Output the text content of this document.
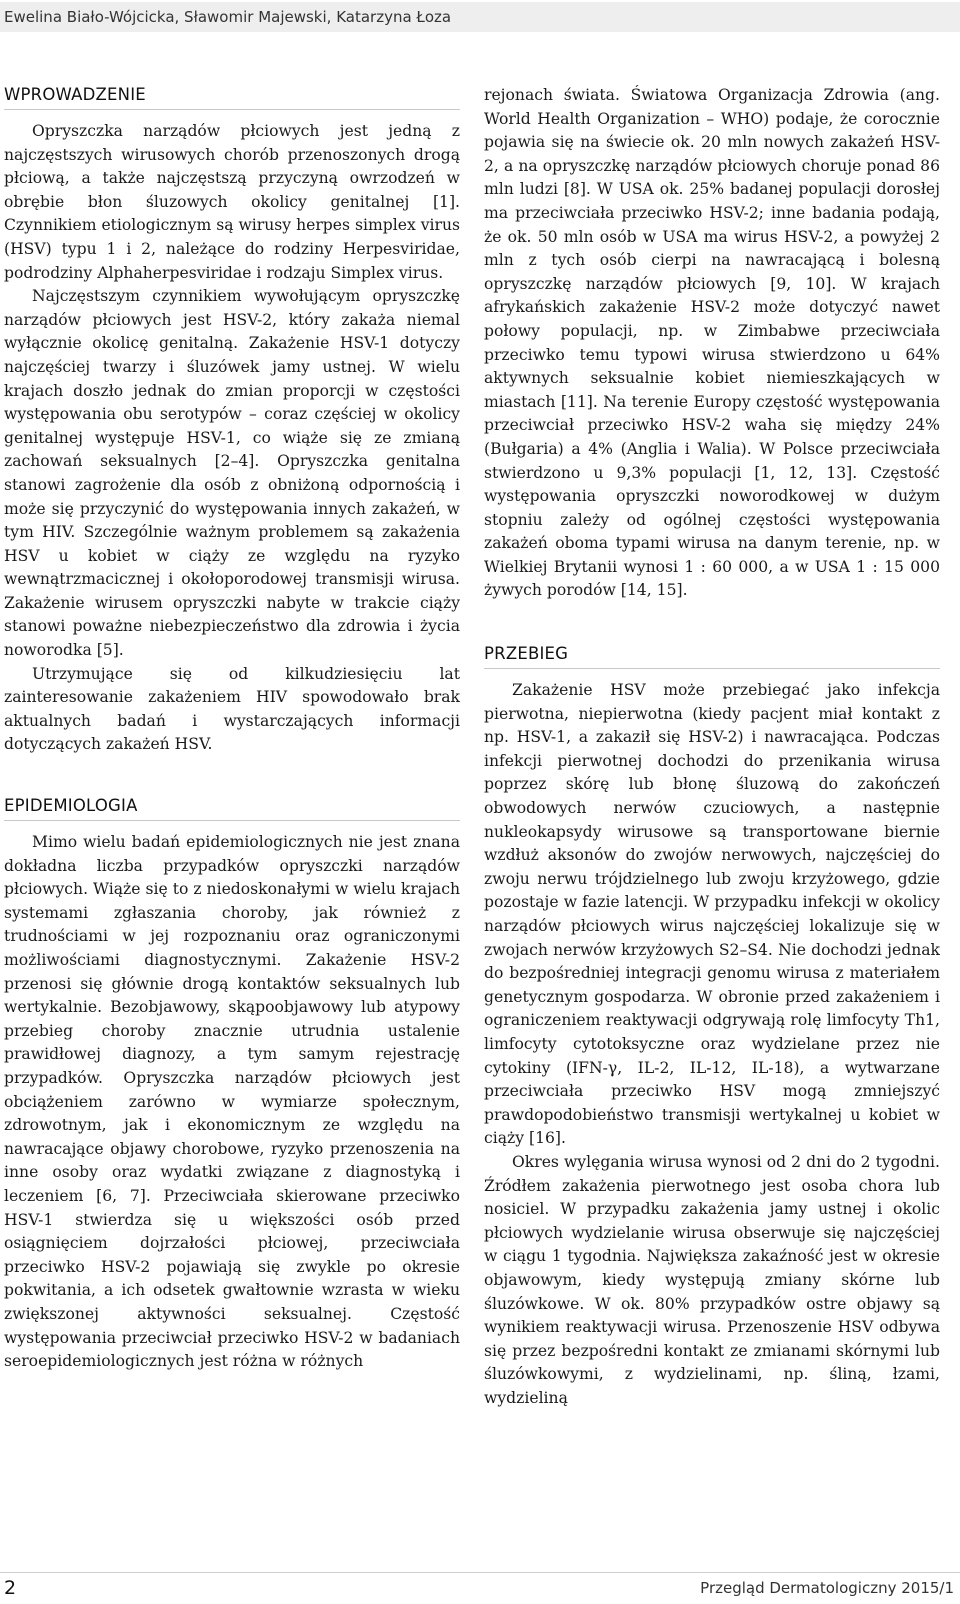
Ewelina Biało-Wójcicka, Sławomir Majewski, Katarzyna Łoza
WPROWADZENIE

Opryszczka narządów płciowych jest jedną z najczęstszych wirusowych chorób przenoszonych drogą płciową, a także najczęstszą przyczyną owrzodzeń w obrębie błon śluzowych okolicy genitalnej [1]. Czynnikiem etiologicznym są wirusy herpes simplex virus (HSV) typu 1 i 2, należące do rodziny Herpesviridae, podrodziny Alphaherpesviridae i rodzaju Simplex virus.

Najczęstszym czynnikiem wywołującym opryszczkę narządów płciowych jest HSV-2, który zakaża niemal wyłącznie okolicę genitalną. Zakażenie HSV-1 dotyczy najczęściej twarzy i śluzówek jamy ustnej. W wielu krajach doszło jednak do zmian proporcji w częstości występowania obu serotypów – coraz częściej w okolicy genitalnej występuje HSV-1, co wiąże się ze zmianą zachowań seksualnych [2–4]. Opryszczka genitalna stanowi zagrożenie dla osób z obniżoną odpornością i może się przyczynić do występowania innych zakażeń, w tym HIV. Szczególnie ważnym problemem są zakażenia HSV u kobiet w ciąży ze względu na ryzyko wewnątrzmacicznej i okołoporodowej transmisji wirusa. Zakażenie wirusem opryszczki nabyte w trakcie ciąży stanowi poważne niebezpieczeństwo dla zdrowia i życia noworodka [5].

Utrzymujące się od kilkudziesięciu lat zainteresowanie zakażeniem HIV spowodowało brak aktualnych badań i wystarczających informacji dotyczących zakażeń HSV.

EPIDEMIOLOGIA

Mimo wielu badań epidemiologicznych nie jest znana dokładna liczba przypadków opryszczki narządów płciowych. Wiąże się to z niedoskonałymi w wielu krajach systemami zgłaszania choroby, jak również z trudnościami w jej rozpoznaniu oraz ograniczonymi możliwościami diagnostycznymi. Zakażenie HSV-2 przenosi się głównie drogą kontaktów seksualnych lub wertykalnie. Bezobjawowy, skąpoobjawowy lub atypowy przebieg choroby znacznie utrudnia ustalenie prawidłowej diagnozy, a tym samym rejestrację przypadków. Opryszczka narządów płciowych jest obciążeniem zarówno w wymiarze społecznym, zdrowotnym, jak i ekonomicznym ze względu na nawracające objawy chorobowe, ryzyko przenoszenia na inne osoby oraz wydatki związane z diagnostyką i leczeniem [6, 7]. Przeciwciała skierowane przeciwko HSV-1 stwierdza się u większości osób przed osiągnięciem dojrzałości płciowej, przeciwciała przeciwko HSV-2 pojawiają się zwykle po okresie pokwitania, a ich odsetek gwałtownie wzrasta w wieku zwiększonej aktywności seksualnej. Częstość występowania przeciwciał przeciwko HSV-2 w badaniach seroepidemiologicznych jest różna w różnych

rejonach świata. Światowa Organizacja Zdrowia (ang. World Health Organization – WHO) podaje, że corocznie pojawia się na świecie ok. 20 mln nowych zakażeń HSV-2, a na opryszczkę narządów płciowych choruje ponad 86 mln ludzi [8]. W USA ok. 25% badanej populacji dorosłej ma przeciwciała przeciwko HSV-2; inne badania podają, że ok. 50 mln osób w USA ma wirus HSV-2, a powyżej 2 mln z tych osób cierpi na nawracającą i bolesną opryszczkę narządów płciowych [9, 10]. W krajach afrykańskich zakażenie HSV-2 może dotyczyć nawet połowy populacji, np. w Zimbabwe przeciwciała przeciwko temu typowi wirusa stwierdzono u 64% aktywnych seksualnie kobiet niemieszkających w miastach [11]. Na terenie Europy częstość występowania przeciwciał przeciwko HSV-2 waha się między 24% (Bułgaria) a 4% (Anglia i Walia). W Polsce przeciwciała stwierdzono u 9,3% populacji [1, 12, 13]. Częstość występowania opryszczki noworodkowej w dużym stopniu zależy od ogólnej częstości występowania zakażeń oboma typami wirusa na danym terenie, np. w Wielkiej Brytanii wynosi 1 : 60 000, a w USA 1 : 15 000 żywych porodów [14, 15].

PRZEBIEG

Zakażenie HSV może przebiegać jako infekcja pierwotna, niepierwotna (kiedy pacjent miał kontakt z np. HSV-1, a zakaził się HSV-2) i nawracająca. Podczas infekcji pierwotnej dochodzi do przenikania wirusa poprzez skórę lub błonę śluzową do zakończeń obwodowych nerwów czuciowych, a następnie nukleokapsydy wirusowe są transportowane biernie wzdłuż aksonów do zwojów nerwowych, najczęściej do zwoju nerwu trójdzielnego lub zwoju krzyżowego, gdzie pozostaje w fazie latencji. W przypadku infekcji w okolicy narządów płciowych wirus najczęściej lokalizuje się w zwojach nerwów krzyżowych S2–S4. Nie dochodzi jednak do bezpośredniej integracji genomu wirusa z materiałem genetycznym gospodarza. W obronie przed zakażeniem i ograniczeniem reaktywacji odgrywają rolę limfocyty Th1, limfocyty cytotoksyczne oraz wydzielane przez nie cytokiny (IFN-γ, IL-2, IL-12, IL-18), a wytwarzane przeciwciała przeciwko HSV mogą zmniejszyć prawdopodobieństwo transmisji wertykalnej u kobiet w ciąży [16].

Okres wylęgania wirusa wynosi od 2 dni do 2 tygodni. Źródłem zakażenia pierwotnego jest osoba chora lub nosiciel. W przypadku zakażenia jamy ustnej i okolic płciowych wydzielanie wirusa obserwuje się najczęściej w ciągu 1 tygodnia. Największa zakaźność jest w okresie objawowym, kiedy występują zmiany skórne lub śluzówkowe. W ok. 80% przypadków ostre objawy są wynikiem reaktywacji wirusa. Przenoszenie HSV odbywa się przez bezpośredni kontakt ze zmianami skórnymi lub śluzówkowymi, z wydzielinami, np. śliną, łzami, wydzieliną

2	Przegląd Dermatologiczny 2015/1
